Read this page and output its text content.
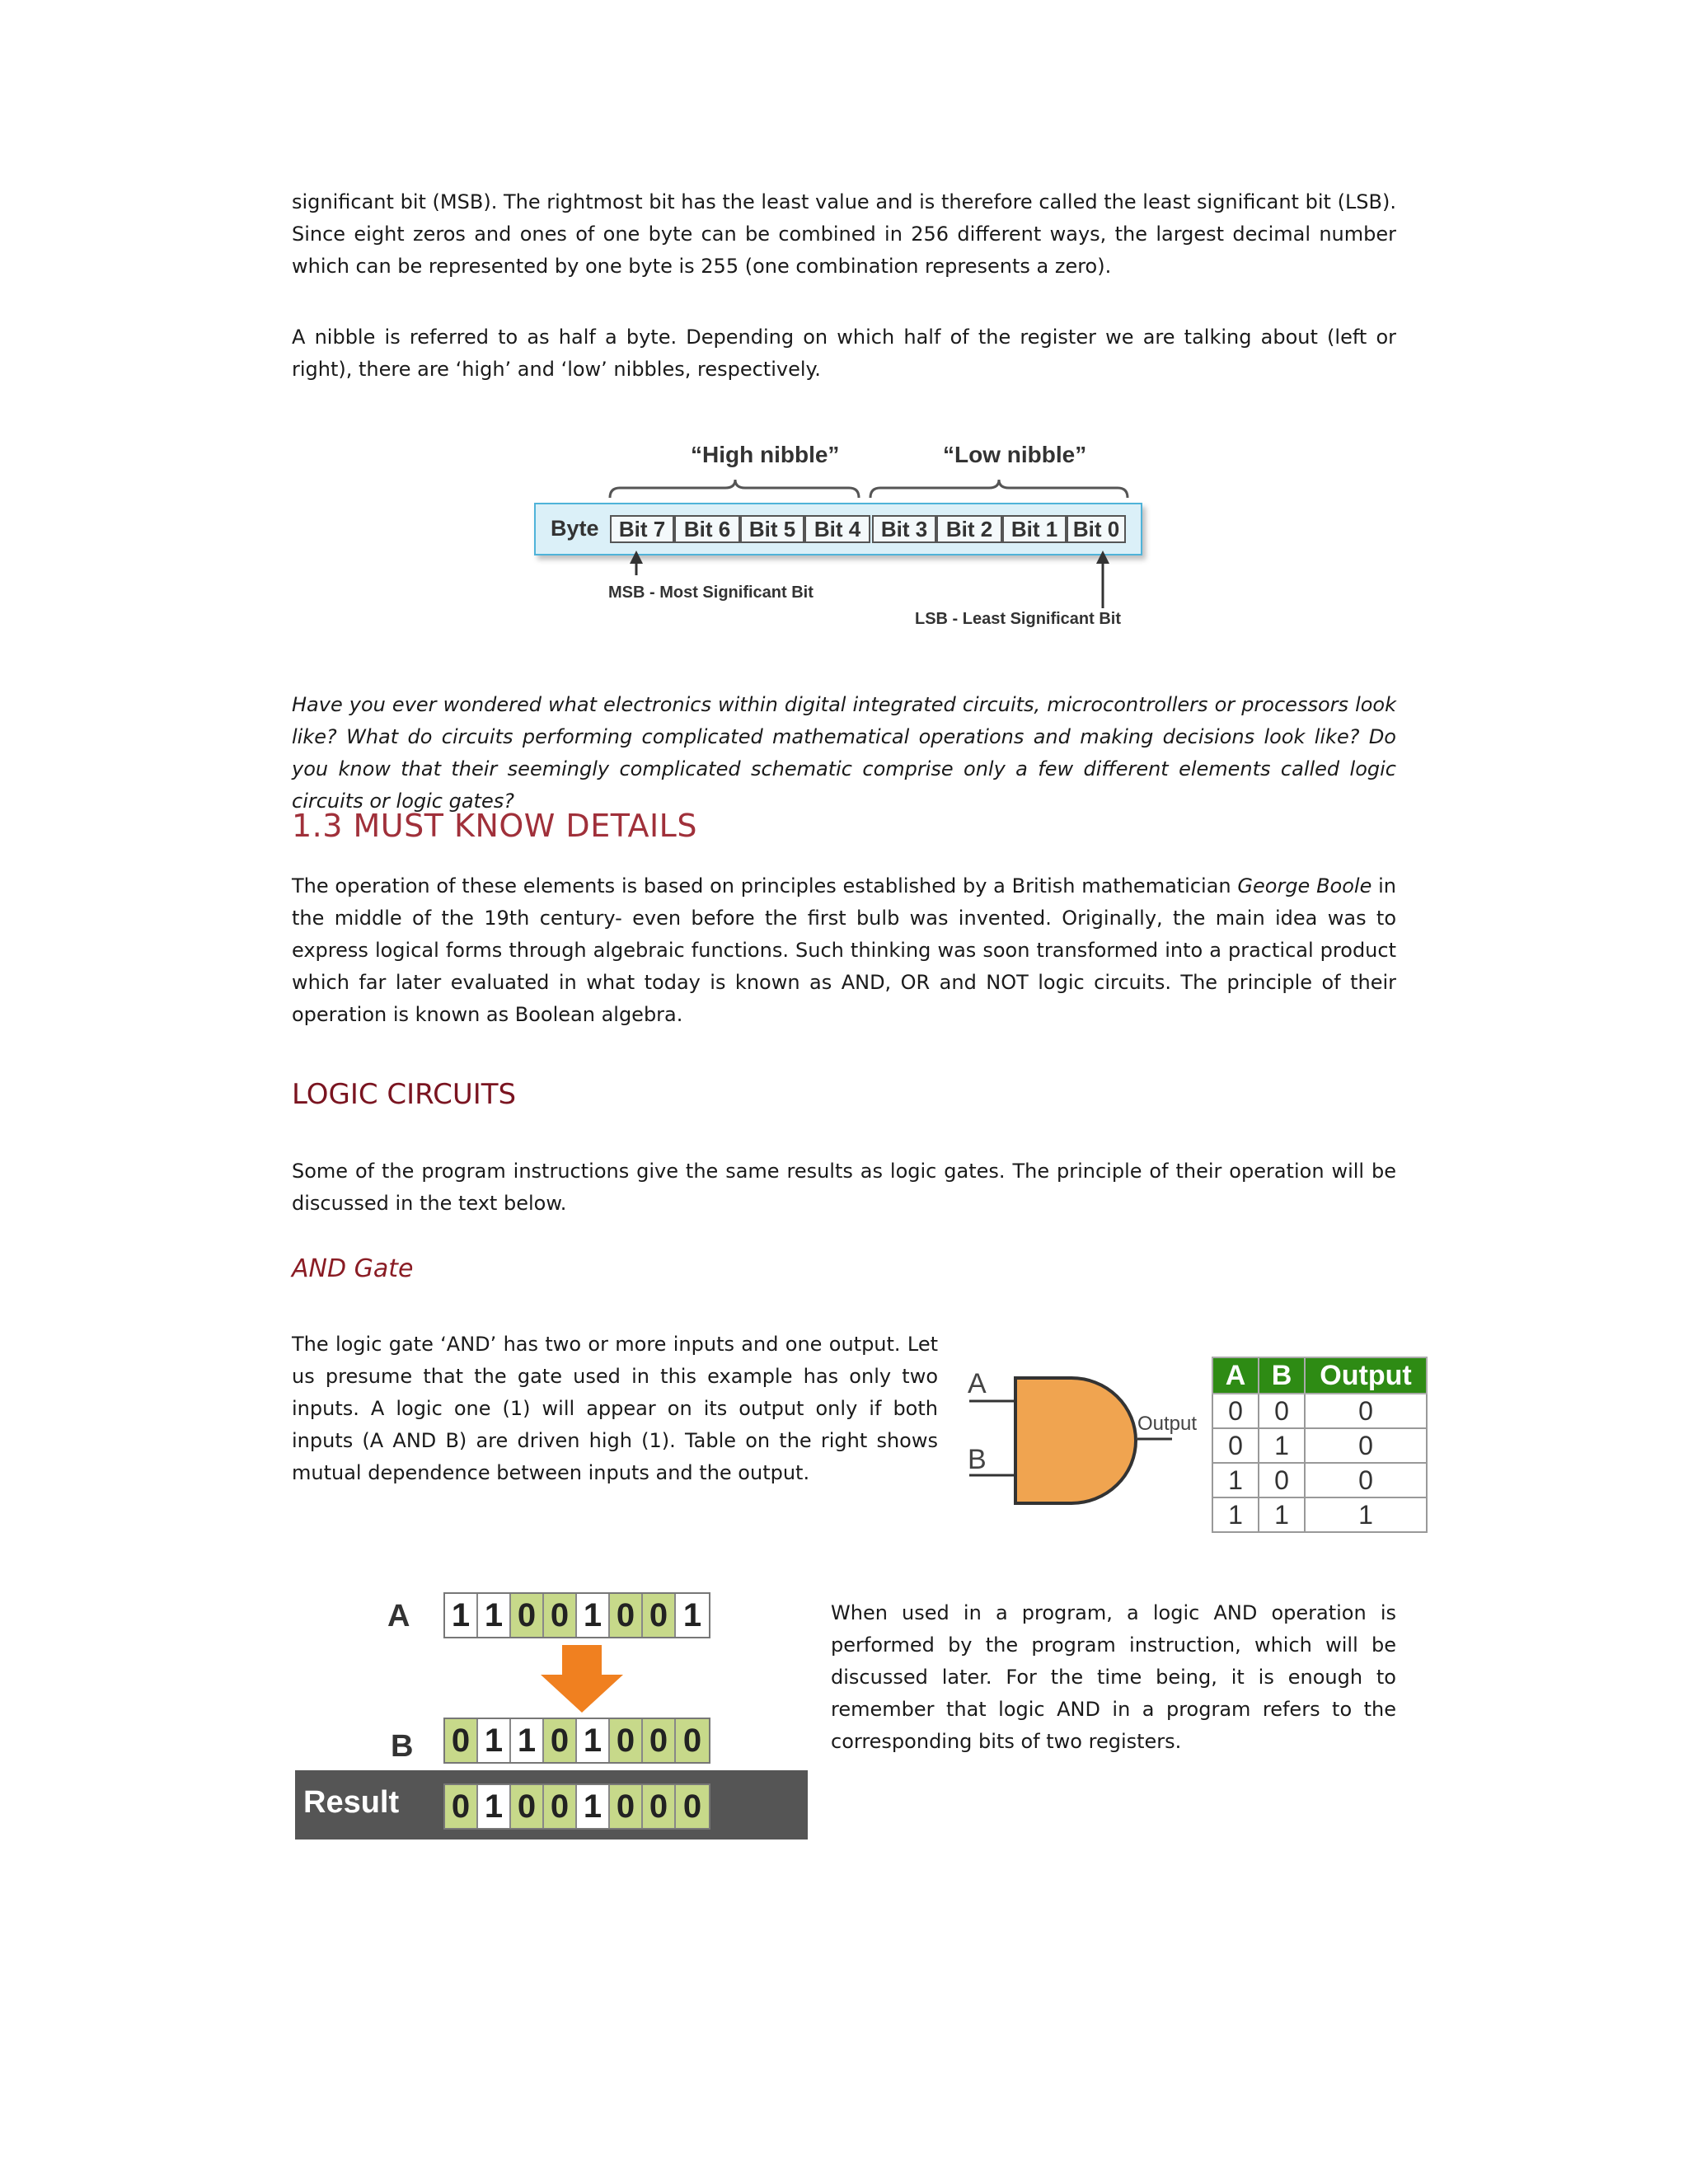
significant bit (MSB). The rightmost bit has the least value and is therefore called the least significant bit (LSB). Since eight zeros and ones of one byte can be combined in 256 different ways, the largest decimal number which can be represented by one byte is 255 (one combination represents a zero).

A nibble is referred to as half a byte. Depending on which half of the register we are talking about (left or right), there are ‘high’ and ‘low’ nibbles, respectively.

“High nibble”	“Low nibble”
Byte Bit 7 Bit 6 Bit 5 Bit 4 Bit 3 Bit 2 Bit 1 Bit 0
MSB - Most Significant Bit
LSB - Least Significant Bit

Have you ever wondered what electronics within digital integrated circuits, microcontrollers or processors look like? What do circuits performing complicated mathematical operations and making decisions look like? Do you know that their seemingly complicated schematic comprise only a few different elements called logic circuits or logic gates?

1.3 MUST KNOW DETAILS

The operation of these elements is based on principles established by a British mathematician George Boole in the middle of the 19th century- even before the first bulb was invented. Originally, the main idea was to express logical forms through algebraic functions. Such thinking was soon transformed into a practical product which far later evaluated in what today is known as AND, OR and NOT logic circuits. The principle of their operation is known as Boolean algebra.

LOGIC CIRCUITS

Some of the program instructions give the same results as logic gates. The principle of their operation will be discussed in the text below.

AND Gate

The logic gate ‘AND’ has two or more inputs and one output. Let us presume that the gate used in this example has only two inputs. A logic one (1) will appear on its output only if both inputs (A AND B) are driven high (1). Table on the right shows mutual dependence between inputs and the output.

A
B
Output
A	B	Output
0	0	0
0	1	0
1	0	0
1	1	1
A 1 1 0 0 1 0 0 1
B 0 1 1 0 1 0 0 0
Result 0 1 0 0 1 0 0 0

When used in a program, a logic AND operation is performed by the program instruction, which will be discussed later. For the time being, it is enough to remember that logic AND in a program refers to the corresponding bits of two registers.
